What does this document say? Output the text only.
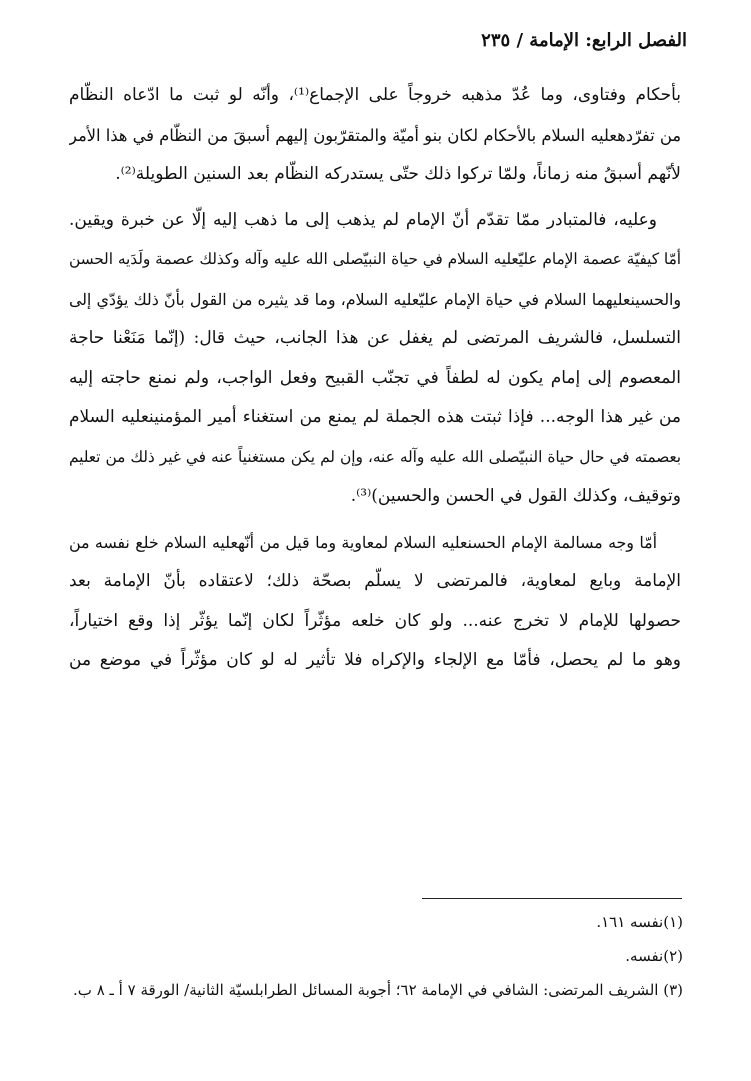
الفصل الرابع: الإمامة / ٢٣٥
بأحكام وفتاوى، وما عُدّ مذهبه خروجاً على الإجماع⁽¹⁾، وأنّه لو ثبت ما ادّعاه النظّام
من تفرّدهعليه السلام بالأحكام لكان بنو أميّة والمتقرّبون إليهم أسبقَ من النظّام في هذا الأمر
لأنّهم أسبقُ منه زماناً، ولمّا تركوا ذلك حتّى يستدركه النظّام بعد السنين الطويلة⁽²⁾.
وعليه، فالمتبادر ممّا تقدّم أنّ الإمام لم يذهب إلى ما ذهب إليه إلّا عن خبرة ويقين.
أمّا كيفيّة عصمة الإمام عليّعليه السلام في حياة النبيّصلى الله عليه وآله وكذلك عصمة ولَدَيه الحسن
والحسينعليهما السلام في حياة الإمام عليّعليه السلام، وما قد يثيره من القول بأنّ ذلك يؤدّي إلى
التسلسل، فالشريف المرتضى لم يغفل عن هذا الجانب، حيث قال: (إنّما مَنَعْنا حاجة
المعصوم إلى إمام يكون له لطفاً في تجنّب القبيح وفعل الواجب، ولم نمنع حاجته إليه
من غير هذا الوجه... فإذا ثبتت هذه الجملة لم يمنع من استغناء أمير المؤمنينعليه السلام
بعصمته في حال حياة النبيّصلى الله عليه وآله عنه، وإن لم يكن مستغنياً عنه في غير ذلك من تعليم
وتوقيف، وكذلك القول في الحسن والحسين)⁽³⁾.
أمّا وجه مسالمة الإمام الحسنعليه السلام لمعاوية وما قيل من أنّهعليه السلام خلع نفسه من
الإمامة وبايع لمعاوية، فالمرتضى لا يسلّم بصحّة ذلك؛ لاعتقاده بأنّ الإمامة بعد
حصولها للإمام لا تخرج عنه... ولو كان خلعه مؤثّراً لكان إنّما يؤثّر إذا وقع اختياراً،
وهو ما لم يحصل، فأمّا مع الإلجاء والإكراه فلا تأثير له لو كان مؤثّراً في موضع من
(١)نفسه ١٦١.
(٢)نفسه.
(٣) الشريف المرتضى: الشافي في الإمامة ٦٢؛ أجوبة المسائل الطرابلسيّة الثانية/ الورقة ٧ أ ـ ٨ ب.
